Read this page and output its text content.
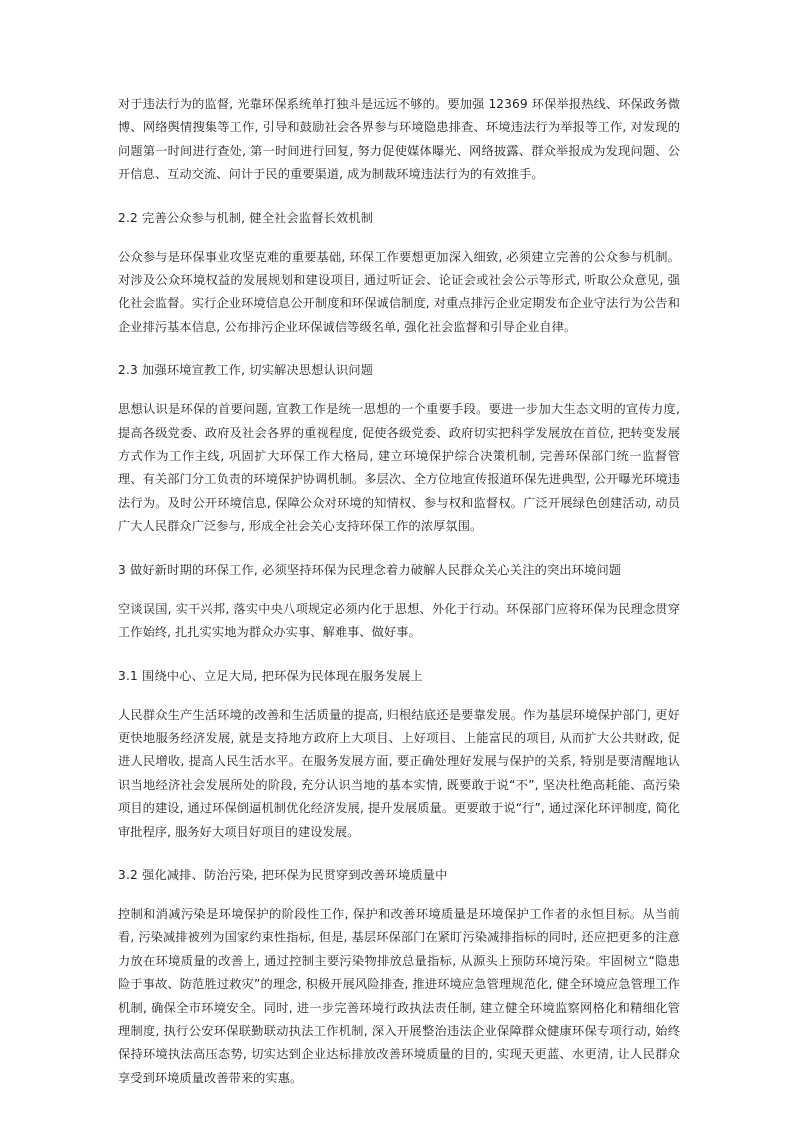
对于违法行为的监督, 光靠环保系统单打独斗是远远不够的。要加强 12369 环保举报热线、环保政务微博、网络舆情搜集等工作, 引导和鼓励社会各界参与环境隐患排查、环境违法行为举报等工作, 对发现的问题第一时间进行查处, 第一时间进行回复, 努力促使媒体曝光、网络披露、群众举报成为发现问题、公开信息、互动交流、问计于民的重要渠道, 成为制裁环境违法行为的有效推手。

2.2 完善公众参与机制, 健全社会监督长效机制

公众参与是环保事业攻坚克难的重要基础, 环保工作要想更加深入细致, 必须建立完善的公众参与机制。对涉及公众环境权益的发展规划和建设项目, 通过听证会、论证会或社会公示等形式, 听取公众意见, 强化社会监督。实行企业环境信息公开制度和环保诚信制度, 对重点排污企业定期发布企业守法行为公告和企业排污基本信息, 公布排污企业环保诚信等级名单, 强化社会监督和引导企业自律。

2.3 加强环境宣教工作, 切实解决思想认识问题

思想认识是环保的首要问题, 宣教工作是统一思想的一个重要手段。要进一步加大生态文明的宣传力度, 提高各级党委、政府及社会各界的重视程度, 促使各级党委、政府切实把科学发展放在首位, 把转变发展方式作为工作主线, 巩固扩大环保工作大格局, 建立环境保护综合决策机制, 完善环保部门统一监督管理、有关部门分工负责的环境保护协调机制。多层次、全方位地宣传报道环保先进典型, 公开曝光环境违法行为。及时公开环境信息, 保障公众对环境的知情权、参与权和监督权。广泛开展绿色创建活动, 动员广大人民群众广泛参与, 形成全社会关心支持环保工作的浓厚氛围。

3 做好新时期的环保工作, 必须坚持环保为民理念着力破解人民群众关心关注的突出环境问题

空谈误国, 实干兴邦, 落实中央八项规定必须内化于思想、外化于行动。环保部门应将环保为民理念贯穿工作始终, 扎扎实实地为群众办实事、解难事、做好事。

3.1 围绕中心、立足大局, 把环保为民体现在服务发展上

人民群众生产生活环境的改善和生活质量的提高, 归根结底还是要靠发展。作为基层环境保护部门, 更好更快地服务经济发展, 就是支持地方政府上大项目、上好项目、上能富民的项目, 从而扩大公共财政, 促进人民增收, 提高人民生活水平。在服务发展方面, 要正确处理好发展与保护的关系, 特别是要清醒地认识当地经济社会发展所处的阶段, 充分认识当地的基本实情, 既要敢于说“不”, 坚决杜绝高耗能、高污染项目的建设, 通过环保倒逼机制优化经济发展, 提升发展质量。更要敢于说“行”, 通过深化环评制度, 简化审批程序, 服务好大项目好项目的建设发展。

3.2 强化减排、防治污染, 把环保为民贯穿到改善环境质量中

控制和消减污染是环境保护的阶段性工作, 保护和改善环境质量是环境保护工作者的永恒目标。从当前看, 污染减排被列为国家约束性指标, 但是, 基层环保部门在紧盯污染减排指标的同时, 还应把更多的注意力放在环境质量的改善上, 通过控制主要污染物排放总量指标, 从源头上预防环境污染。牢固树立“隐患险于事故、防范胜过救灾”的理念, 积极开展风险排查, 推进环境应急管理规范化, 健全环境应急管理工作机制, 确保全市环境安全。同时, 进一步完善环境行政执法责任制, 建立健全环境监察网格化和精细化管理制度, 执行公安环保联勤联动执法工作机制, 深入开展整治违法企业保障群众健康环保专项行动, 始终保持环境执法高压态势, 切实达到企业达标排放改善环境质量的目的, 实现天更蓝、水更清, 让人民群众享受到环境质量改善带来的实惠。
